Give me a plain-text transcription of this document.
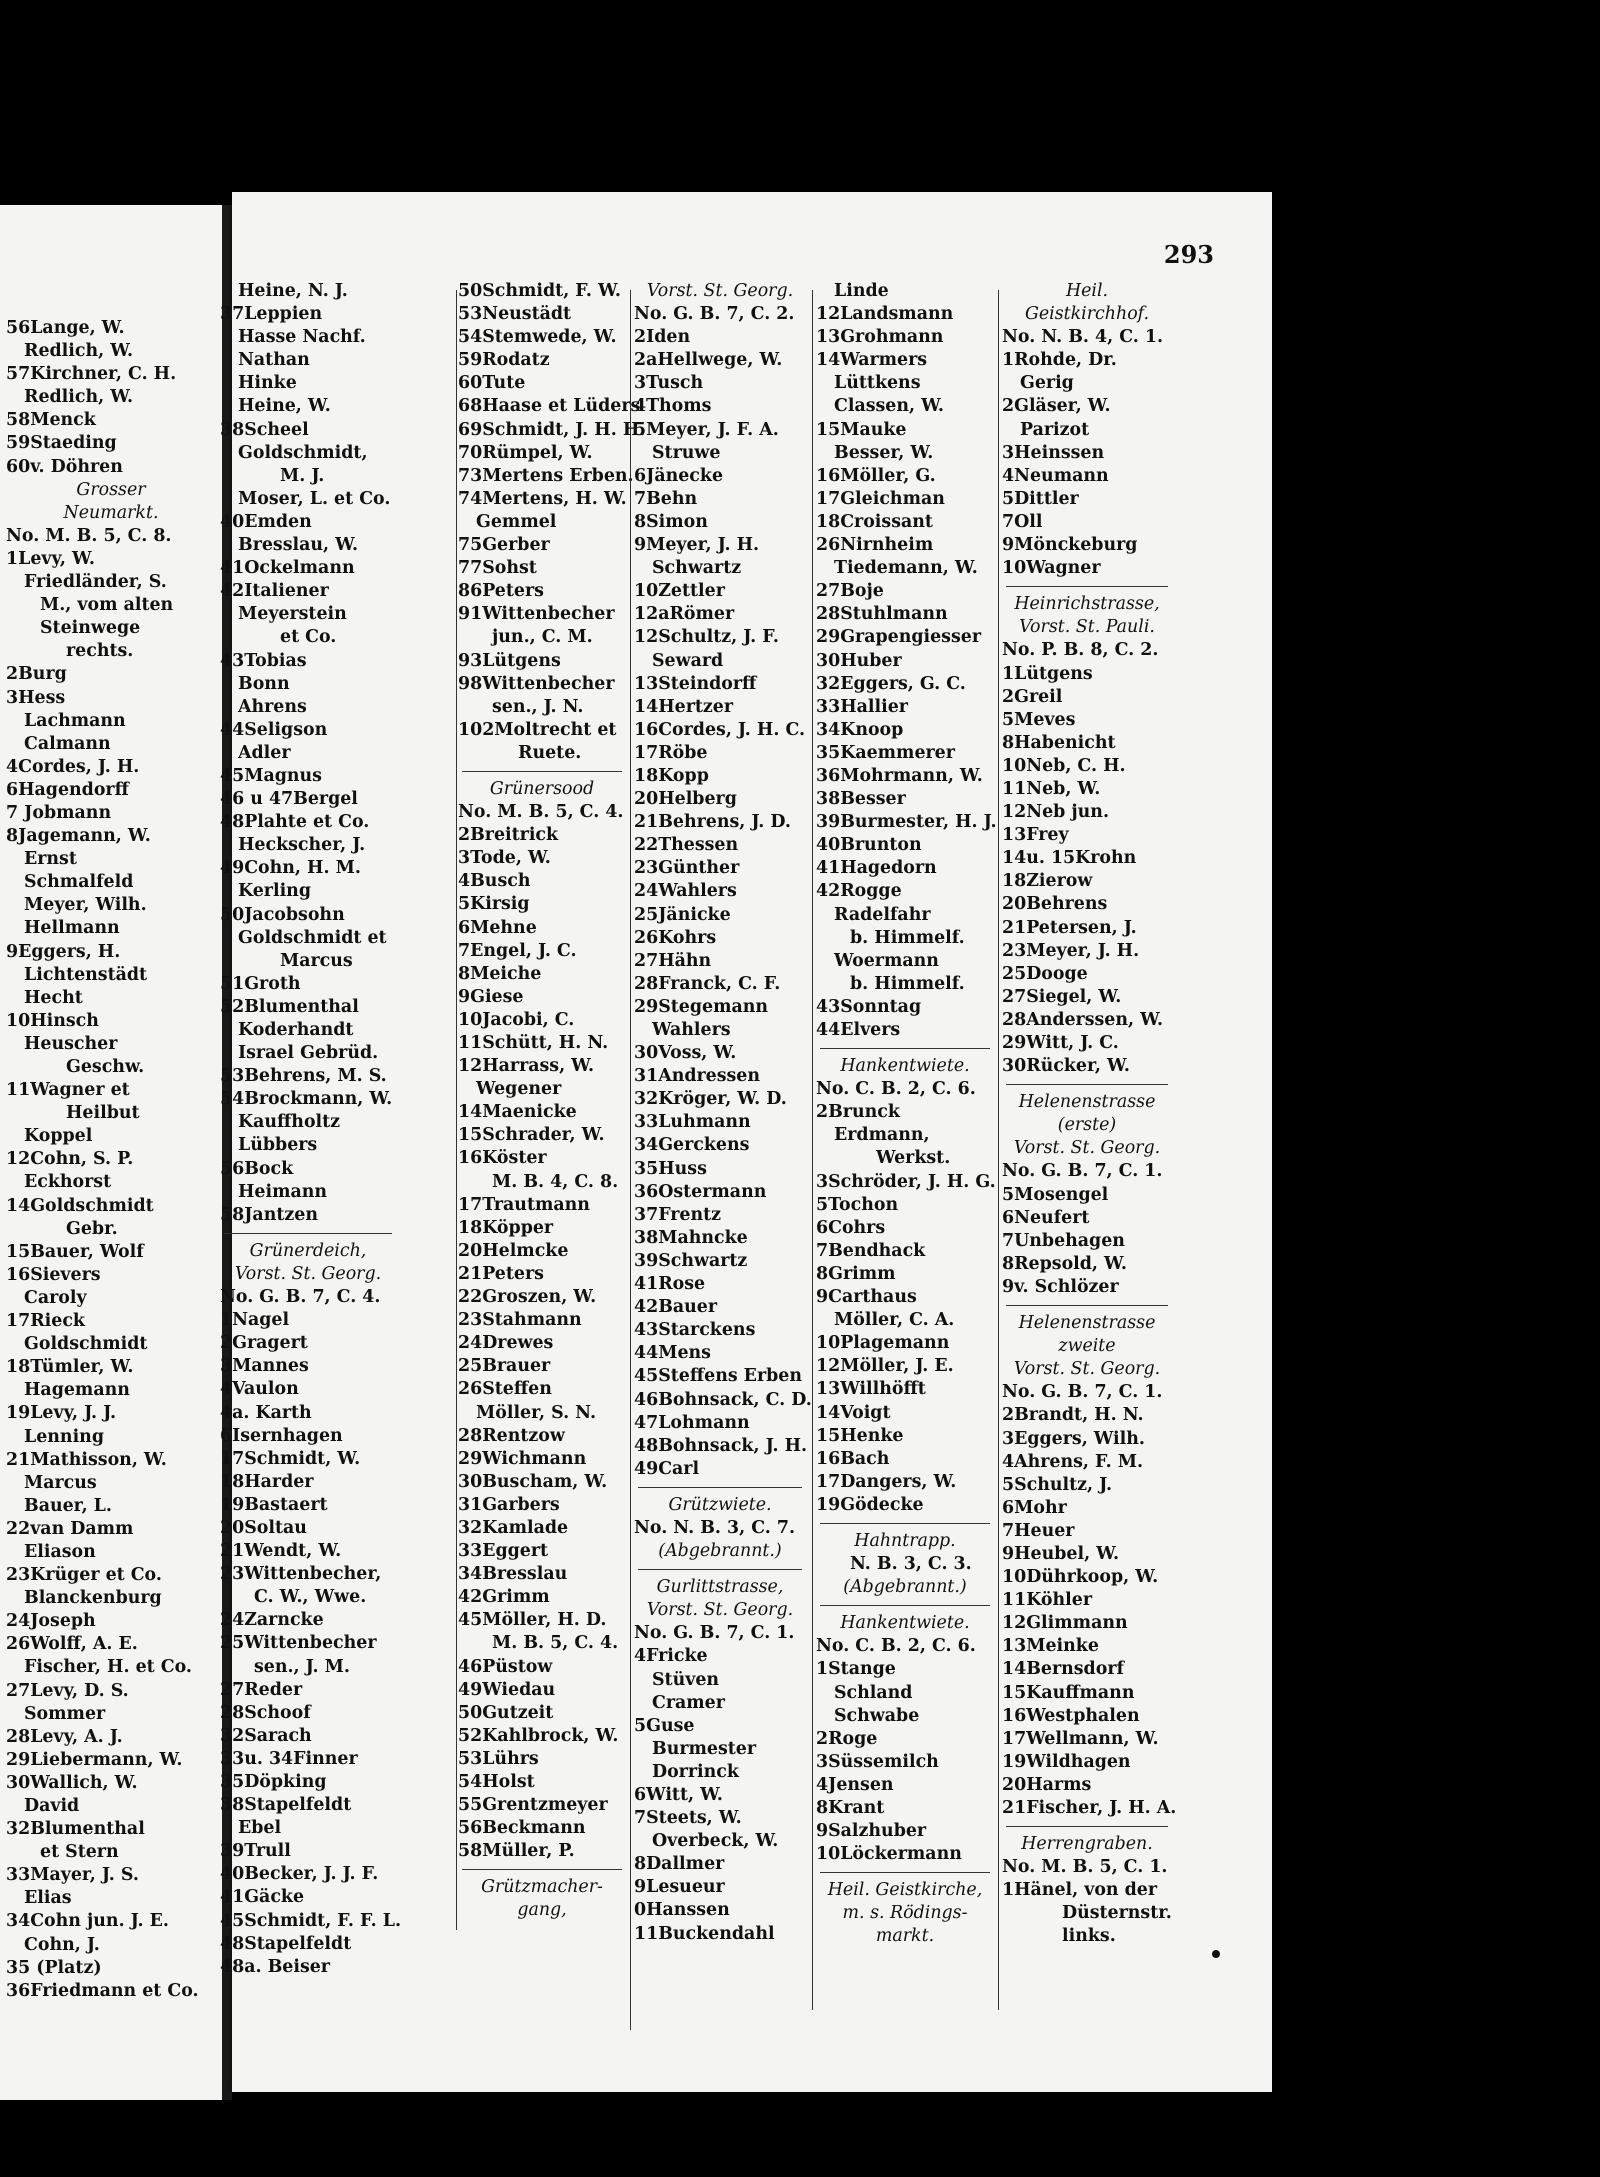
56Lange, W.
Redlich, W.
57Kirchner, C. H.
Redlich, W.
58Menck
59Staeding
60v. Döhren
Grosser
Neumarkt.
No. M. B. 5, C. 8.
1Levy, W.
Friedländer, S.
M., vom alten
Steinwege
rechts.
2Burg
3Hess
Lachmann
Calmann
4Cordes, J. H.
6Hagendorff
7 Jobmann
8Jagemann, W.
Ernst
Schmalfeld
Meyer, Wilh.
Hellmann
9Eggers, H.
Lichtenstädt
Hecht
10Hinsch
Heuscher
Geschw.
11Wagner et
Heilbut
Koppel
12Cohn, S. P.
Eckhorst
14Goldschmidt
Gebr.
15Bauer, Wolf
16Sievers
Caroly
17Rieck
Goldschmidt
18Tümler, W.
Hagemann
19Levy, J. J.
Lenning
21Mathisson, W.
Marcus
Bauer, L.
22van Damm
Eliason
23Krüger et Co.
Blanckenburg
24Joseph
26Wolff, A. E.
Fischer, H. et Co.
27Levy, D. S.
Sommer
28Levy, A. J.
29Liebermann, W.
30Wallich, W.
David
32Blumenthal
et Stern
33Mayer, J. S.
Elias
34Cohn jun. J. E.
Cohn, J.
35 (Platz)
36Friedmann et Co.
293
Heine, N. J.
37Leppien
Hasse Nachf.
Nathan
Hinke
Heine, W.
38Scheel
Goldschmidt,
M. J.
Moser, L. et Co.
40Emden
Bresslau, W.
41Ockelmann
42Italiener
Meyerstein
et Co.
43Tobias
Bonn
Ahrens
44Seligson
Adler
45Magnus
46 u 47Bergel
48Plahte et Co.
Heckscher, J.
49Cohn, H. M.
Kerling
50Jacobsohn
Goldschmidt et
Marcus
51Groth
52Blumenthal
Koderhandt
Israel Gebrüd.
53Behrens, M. S.
54Brockmann, W.
Kauffholtz
Lübbers
56Bock
Heimann
58Jantzen
Grünerdeich,
Vorst. St. Georg.
No. G. B. 7, C. 4.
1Nagel
2Gragert
3Mannes
4Vaulon
4a. Karth
6Isernhagen
17Schmidt, W.
18Harder
19Bastaert
20Soltau
21Wendt, W.
23Wittenbecher,
C. W., Wwe.
24Zarncke
25Wittenbecher
sen., J. M.
27Reder
28Schoof
32Sarach
33u. 34Finner
35Döpking
38Stapelfeldt
Ebel
39Trull
40Becker, J. J. F.
41Gäcke
45Schmidt, F. F. L.
48Stapelfeldt
48a. Beiser
50Schmidt, F. W.
53Neustädt
54Stemwede, W.
59Rodatz
60Tute
68Haase et Lüders
69Schmidt, J. H. H.
70Rümpel, W.
73Mertens Erben.
74Mertens, H. W.
Gemmel
75Gerber
77Sohst
86Peters
91Wittenbecher
jun., C. M.
93Lütgens
98Wittenbecher
sen., J. N.
102Moltrecht et
Ruete.
Grünersood
No. M. B. 5, C. 4.
2Breitrick
3Tode, W.
4Busch
5Kirsig
6Mehne
7Engel, J. C.
8Meiche
9Giese
10Jacobi, C.
11Schütt, H. N.
12Harrass, W.
Wegener
14Maenicke
15Schrader, W.
16Köster
M. B. 4, C. 8.
17Trautmann
18Köpper
20Helmcke
21Peters
22Groszen, W.
23Stahmann
24Drewes
25Brauer
26Steffen
Möller, S. N.
28Rentzow
29Wichmann
30Buscham, W.
31Garbers
32Kamlade
33Eggert
34Bresslau
42Grimm
45Möller, H. D.
M. B. 5, C. 4.
46Püstow
49Wiedau
50Gutzeit
52Kahlbrock, W.
53Lührs
54Holst
55Grentzmeyer
56Beckmann
58Müller, P.
Grützmacher-
gang,
Vorst. St. Georg.
No. G. B. 7, C. 2.
2Iden
2aHellwege, W.
3Tusch
4Thoms
5Meyer, J. F. A.
Struwe
6Jänecke
7Behn
8Simon
9Meyer, J. H.
Schwartz
10Zettler
12aRömer
12Schultz, J. F.
Seward
13Steindorff
14Hertzer
16Cordes, J. H. C.
17Röbe
18Kopp
20Helberg
21Behrens, J. D.
22Thessen
23Günther
24Wahlers
25Jänicke
26Kohrs
27Hähn
28Franck, C. F.
29Stegemann
Wahlers
30Voss, W.
31Andressen
32Kröger, W. D.
33Luhmann
34Gerckens
35Huss
36Ostermann
37Frentz
38Mahncke
39Schwartz
41Rose
42Bauer
43Starckens
44Mens
45Steffens Erben
46Bohnsack, C. D.
47Lohmann
48Bohnsack, J. H.
49Carl
Grützwiete.
No. N. B. 3, C. 7.
(Abgebrannt.)
Gurlittstrasse,
Vorst. St. Georg.
No. G. B. 7, C. 1.
4Fricke
Stüven
Cramer
5Guse
Burmester
Dorrinck
6Witt, W.
7Steets, W.
Overbeck, W.
8Dallmer
9Lesueur
0Hanssen
11Buckendahl
Linde
12Landsmann
13Grohmann
14Warmers
Lüttkens
Classen, W.
15Mauke
Besser, W.
16Möller, G.
17Gleichman
18Croissant
26Nirnheim
Tiedemann, W.
27Boje
28Stuhlmann
29Grapengiesser
30Huber
32Eggers, G. C.
33Hallier
34Knoop
35Kaemmerer
36Mohrmann, W.
38Besser
39Burmester, H. J.
40Brunton
41Hagedorn
42Rogge
Radelfahr
b. Himmelf.
Woermann
b. Himmelf.
43Sonntag
44Elvers
Hankentwiete.
No. C. B. 2, C. 6.
2Brunck
Erdmann,
Werkst.
3Schröder, J. H. G.
5Tochon
6Cohrs
7Bendhack
8Grimm
9Carthaus
Möller, C. A.
10Plagemann
12Möller, J. E.
13Willhöfft
14Voigt
15Henke
16Bach
17Dangers, W.
19Gödecke
Hahntrapp.
N. B. 3, C. 3.
(Abgebrannt.)
Hankentwiete.
No. C. B. 2, C. 6.
1Stange
Schland
Schwabe
2Roge
3Süssemilch
4Jensen
8Krant
9Salzhuber
10Löckermann
Heil. Geistkirche,
m. s. Rödings-
markt.
Heil.
Geistkirchhof.
No. N. B. 4, C. 1.
1Rohde, Dr.
Gerig
2Gläser, W.
Parizot
3Heinssen
4Neumann
5Dittler
7Oll
9Mönckeburg
10Wagner
Heinrichstrasse,
Vorst. St. Pauli.
No. P. B. 8, C. 2.
1Lütgens
2Greil
5Meves
8Habenicht
10Neb, C. H.
11Neb, W.
12Neb jun.
13Frey
14u. 15Krohn
18Zierow
20Behrens
21Petersen, J.
23Meyer, J. H.
25Dooge
27Siegel, W.
28Anderssen, W.
29Witt, J. C.
30Rücker, W.
Helenenstrasse
(erste)
Vorst. St. Georg.
No. G. B. 7, C. 1.
5Mosengel
6Neufert
7Unbehagen
8Repsold, W.
9v. Schlözer
Helenenstrasse
zweite
Vorst. St. Georg.
No. G. B. 7, C. 1.
2Brandt, H. N.
3Eggers, Wilh.
4Ahrens, F. M.
5Schultz, J.
6Mohr
7Heuer
9Heubel, W.
10Dührkoop, W.
11Köhler
12Glimmann
13Meinke
14Bernsdorf
15Kauffmann
16Westphalen
17Wellmann, W.
19Wildhagen
20Harms
21Fischer, J. H. A.
Herrengraben.
No. M. B. 5, C. 1.
1Hänel, von der
Düsternstr.
links.
